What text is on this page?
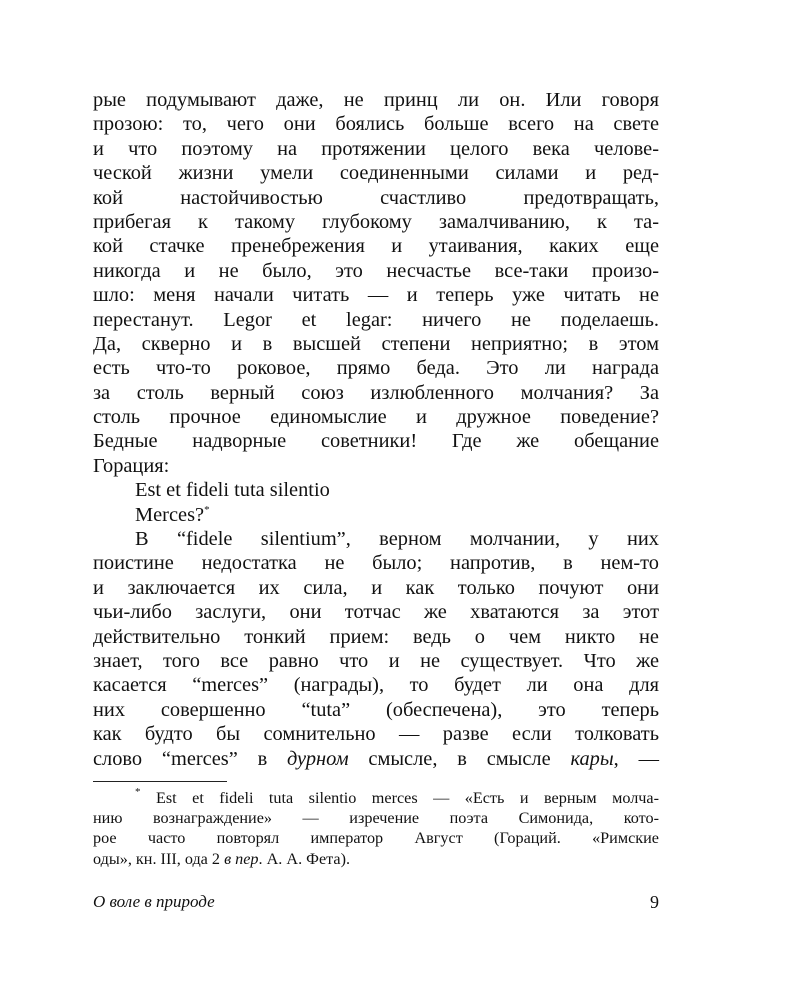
рые подумывают даже, не принц ли он. Или говоря
прозою: то, чего они боялись больше всего на свете
и что поэтому на протяжении целого века челове-
ческой жизни умели соединенными силами и ред-
кой настойчивостью счастливо предотвращать,
прибегая к такому глубокому замалчиванию, к та-
кой стачке пренебрежения и утаивания, каких еще
никогда и не было, это несчастье все-таки произо-
шло: меня начали читать — и теперь уже читать не
перестанут. Legor et legar: ничего не поделаешь.
Да, скверно и в высшей степени неприятно; в этом
есть что-то роковое, прямо беда. Это ли награда
за столь верный союз излюбленного молчания? За
столь прочное единомыслие и дружное поведение?
Бедные надворные советники! Где же обещание
Горация:
Est et fideli tuta silentio
Merces?*
В “fidele silentium”, верном молчании, у них
поистине недостатка не было; напротив, в нем-то
и заключается их сила, и как только почуют они
чьи-либо заслуги, они тотчас же хватаются за этот
действительно тонкий прием: ведь о чем никто не
знает, того все равно что и не существует. Что же
касается “merces” (награды), то будет ли она для
них совершенно “tuta” (обеспечена), это теперь
как будто бы сомнительно — разве если толковать
слово “merces” в дурном смысле, в смысле кары, —
* Est et fideli tuta silentio merces — «Есть и верным молча-
нию вознаграждение» — изречение поэта Симонида, кото-
рое часто повторял император Август (Гораций. «Римские
оды», кн. III, ода 2 в пер. А. А. Фета).
О воле в природе	9
